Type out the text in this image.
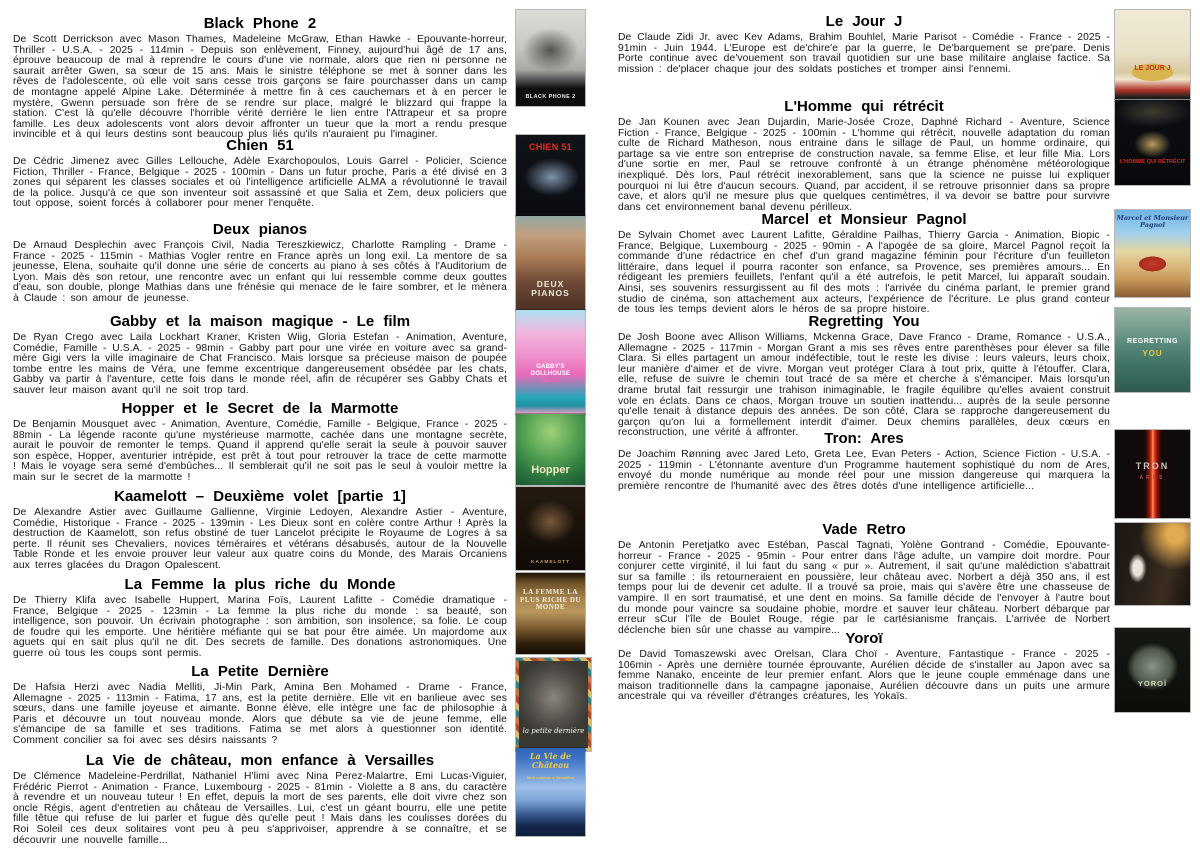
Black Phone 2

De Scott Derrickson avec Mason Thames, Madeleine McGraw, Ethan Hawke - Epouvante-horreur, Thriller - U.S.A. - 2025 - 114min - Depuis son enlèvement, Finney, aujourd'hui âgé de 17 ans, éprouve beaucoup de mal à reprendre le cours d'une vie normale, alors que rien ni personne ne saurait arrêter Gwen, sa sœur de 15 ans. Mais le sinistre téléphone se met à sonner dans les rêves de l'adolescente, où elle voit sans cesse trois garçons se faire pourchasser dans un camp de montagne appelé Alpine Lake. Déterminée à mettre fin à ces cauchemars et à en percer le mystère, Gwenn persuade son frère de se rendre sur place, malgré le blizzard qui frappe la station. C'est là qu'elle découvre l'horrible vérité derrière le lien entre l'Attrapeur et sa propre famille. Les deux adolescents vont alors devoir affronter un tueur que la mort a rendu presque invincible et à qui leurs destins sont beaucoup plus liés qu'ils n'auraient pu l'imaginer.

Chien 51

De Cédric Jimenez avec Gilles Lellouche, Adèle Exarchopoulos, Louis Garrel - Policier, Science Fiction, Thriller - France, Belgique - 2025 - 100min - Dans un futur proche, Paris a été divisé en 3 zones qui séparent les classes sociales et où l'intelligence artificielle ALMA a révolutionné le travail de la police. Jusqu'à ce que son inventeur soit assassiné et que Salia et Zem, deux policiers que tout oppose, soient forcés à collaborer pour mener l'enquête.

Deux pianos

De Arnaud Desplechin avec François Civil, Nadia Tereszkiewicz, Charlotte Rampling - Drame - France - 2025 - 115min - Mathias Vogler rentre en France après un long exil. La mentore de sa jeunesse, Elena, souhaite qu'il donne une série de concerts au piano à ses côtés à l'Auditorium de Lyon. Mais dès son retour, une rencontre avec un enfant qui lui ressemble comme deux gouttes d'eau, son double, plonge Mathias dans une frénésie qui menace de le faire sombrer, et le mènera à Claude : son amour de jeunesse.

Gabby et la maison magique - Le film

De Ryan Crego avec Laila Lockhart Kraner, Kristen Wiig, Gloria Estefan - Animation, Aventure, Comédie, Famille - U.S.A. - 2025 - 98min - Gabby part pour une virée en voiture avec sa grand-mère Gigi vers la ville imaginaire de Chat Francisco. Mais lorsque sa précieuse maison de poupée tombe entre les mains de Véra, une femme excentrique dangereusement obsédée par les chats, Gabby va partir à l'aventure, cette fois dans le monde réel, afin de récupérer ses Gabby Chats et sauver leur maison avant qu'il ne soit trop tard.

Hopper et le Secret de la Marmotte

De Benjamin Mousquet avec - Animation, Aventure, Comédie, Famille - Belgique, France - 2025 - 88min - La légende raconte qu'une mystérieuse marmotte, cachée dans une montagne secrète, aurait le pouvoir de remonter le temps. Quand il apprend qu'elle serait la seule à pouvoir sauver son espèce, Hopper, aventurier intrépide, est prêt à tout pour retrouver la trace de cette marmotte ! Mais le voyage sera semé d'embûches... Il semblerait qu'il ne soit pas le seul à vouloir mettre la main sur le secret de la marmotte !

Kaamelott – Deuxième volet [partie 1]

De Alexandre Astier avec Guillaume Gallienne, Virginie Ledoyen, Alexandre Astier - Aventure, Comédie, Historique - France - 2025 - 139min - Les Dieux sont en colère contre Arthur ! Après la destruction de Kaamelott, son refus obstiné de tuer Lancelot précipite le Royaume de Logres à sa perte. Il réunit ses Chevaliers, novices téméraires et vétérans désabusés, autour de la Nouvelle Table Ronde et les envoie prouver leur valeur aux quatre coins du Monde, des Marais Orcaniens aux terres glacées du Dragon Opalescent.

La Femme la plus riche du Monde

De Thierry Klifa avec Isabelle Huppert, Marina Foïs, Laurent Lafitte - Comédie dramatique - France, Belgique - 2025 - 123min - La femme la plus riche du monde : sa beauté, son intelligence, son pouvoir. Un écrivain photographe : son ambition, son insolence, sa folie. Le coup de foudre qui les emporte. Une héritière méfiante qui se bat pour être aimée. Un majordome aux aguets qui en sait plus qu'il ne dit. Des secrets de famille. Des donations astronomiques. Une guerre où tous les coups sont permis.

La Petite Dernière

De Hafsia Herzi avec Nadia Melliti, Ji-Min Park, Amina Ben Mohamed - Drame - France, Allemagne - 2025 - 113min - Fatima, 17 ans, est la petite dernière. Elle vit en banlieue avec ses sœurs, dans une famille joyeuse et aimante. Bonne élève, elle intègre une fac de philosophie à Paris et découvre un tout nouveau monde. Alors que débute sa vie de jeune femme, elle s'émancipe de sa famille et ses traditions. Fatima se met alors à questionner son identité. Comment concilier sa foi avec ses désirs naissants ?

La Vie de château, mon enfance à Versailles

De Clémence Madeleine-Perdrillat, Nathaniel H'limi avec Nina Perez-Malartre, Emi Lucas-Viguier, Frédéric Pierrot - Animation - France, Luxembourg - 2025 - 81min - Violette a 8 ans, du caractère à revendre et un nouveau tuteur ! En effet, depuis la mort de ses parents, elle doit vivre chez son oncle Régis, agent d'entretien au château de Versailles. Lui, c'est un géant bourru, elle une petite fille têtue qui refuse de lui parler et fugue dès qu'elle peut ! Mais dans les coulisses dorées du Roi Soleil ces deux solitaires vont peu à peu s'apprivoiser, apprendre à se connaître, et se découvrir une nouvelle famille...

BLACK PHONE 2
CHIEN 51
DEUX PIANOS
GABBY'S DOLLHOUSE
LE FILM
Hopper
KAAMELOTT
LA FEMME LA PLUS RICHE DU MONDE
la petite dernière
La Vie de Château
Mon enfance à Versailles
Le Jour J

De Claude Zidi Jr. avec Kev Adams, Brahim Bouhlel, Marie Parisot - Comédie - France - 2025 - 91min - Juin 1944. L'Europe est de'chire'e par la guerre, le De'barquement se pre'pare. Denis Porte continue avec de'vouement son travail quotidien sur une base militaire anglaise factice. Sa mission : de'placer chaque jour des soldats postiches et tromper ainsi l'ennemi.

L'Homme qui rétrécit

De Jan Kounen avec Jean Dujardin, Marie-Josée Croze, Daphné Richard - Aventure, Science Fiction - France, Belgique - 2025 - 100min - L'homme qui rétrécit, nouvelle adaptation du roman culte de Richard Matheson, nous entraine dans le sillage de Paul, un homme ordinaire, qui partage sa vie entre son entreprise de construction navale, sa femme Elise, et leur fille Mia. Lors d'une sortie en mer, Paul se retrouve confronté à un étrange phénomène météorologique inexpliqué. Dès lors, Paul rétrécit inexorablement, sans que la science ne puisse lui expliquer pourquoi ni lui être d'aucun secours. Quand, par accident, il se retrouve prisonnier dans sa propre cave, et alors qu'il ne mesure plus que quelques centimètres, il va devoir se battre pour survivre dans cet environnement banal devenu périlleux.

Marcel et Monsieur Pagnol

De Sylvain Chomet avec Laurent Lafitte, Géraldine Pailhas, Thierry Garcia - Animation, Biopic - France, Belgique, Luxembourg - 2025 - 90min - A l'apogée de sa gloire, Marcel Pagnol reçoit la commande d'une rédactrice en chef d'un grand magazine féminin pour l'écriture d'un feuilleton littéraire, dans lequel il pourra raconter son enfance, sa Provence, ses premières amours... En rédigeant les premiers feuillets, l'enfant qu'il a été autrefois, le petit Marcel, lui apparaît soudain. Ainsi, ses souvenirs ressurgissent au fil des mots : l'arrivée du cinéma parlant, le premier grand studio de cinéma, son attachement aux acteurs, l'expérience de l'écriture. Le plus grand conteur de tous les temps devient alors le héros de sa propre histoire.

Regretting You

De Josh Boone avec Allison Williams, Mckenna Grace, Dave Franco - Drame, Romance - U.S.A., Allemagne - 2025 - 117min - Morgan Grant a mis ses rêves entre parenthèses pour élever sa fille Clara. Si elles partagent un amour indéfectible, tout le reste les divise : leurs valeurs, leurs choix, leur manière d'aimer et de vivre. Morgan veut protéger Clara à tout prix, quitte à l'étouffer. Clara, elle, refuse de suivre le chemin tout tracé de sa mère et cherche à s'émanciper. Mais lorsqu'un drame brutal fait ressurgir une trahison inimaginable, le fragile équilibre qu'elles avaient construit vole en éclats. Dans ce chaos, Morgan trouve un soutien inattendu... auprès de la seule personne qu'elle tenait à distance depuis des années. De son côté, Clara se rapproche dangereusement du garçon qu'on lui a formellement interdit d'aimer. Deux chemins parallèles, deux cœurs en reconstruction, une vérité à affronter.	Tron: Ares

De Joachim Rønning avec Jared Leto, Greta Lee, Evan Peters - Action, Science Fiction - U.S.A. - 2025 - 119min - L'étonnante aventure d'un Programme hautement sophistiqué du nom de Ares, envoyé du monde numérique au monde réel pour une mission dangereuse qui marquera la première rencontre de l'humanité avec des êtres dotés d'une intelligence artificielle...

Vade Retro

De Antonin Peretjatko avec Estéban, Pascal Tagnati, Yolène Gontrand - Comédie, Epouvante-horreur - France - 2025 - 95min - Pour entrer dans l'âge adulte, un vampire doit mordre. Pour conjurer cette virginité, il lui faut du sang « pur ». Autrement, il sait qu'une malédiction s'abattrait sur sa famille : ils retourneraient en poussière, leur château avec. Norbert a déjà 350 ans, il est temps pour lui de devenir cet adulte. Il a trouvé sa proie, mais qui s'avère être une chasseuse de vampire. Il en sort traumatisé, et une dent en moins. Sa famille décide de l'envoyer à l'autre bout du monde pour vaincre sa soudaine phobie, mordre et sauver leur château. Norbert débarque par erreur sCur l'île de Boulet Rouge, régie par le cartésianisme français. L'arrivée de Norbert déclenche bien sûr une chasse au vampire... Yoroï

De David Tomaszewski avec Orelsan, Clara Choï - Aventure, Fantastique - France - 2025 - 106min - Après une dernière tournée éprouvante, Aurélien décide de s'installer au Japon avec sa femme Nanako, enceinte de leur premier enfant. Alors que le jeune couple emménage dans une maison traditionnelle dans la campagne japonaise, Aurélien découvre dans un puits une armure ancestrale qui va réveiller d'étranges créatures, les Yokaïs.

LE JOUR J
L'HOMME QUI RÉTRÉCIT
Marcel et Monsieur Pagnol
REGRETTING
YOU
TRON
ARES
YOROÏ
